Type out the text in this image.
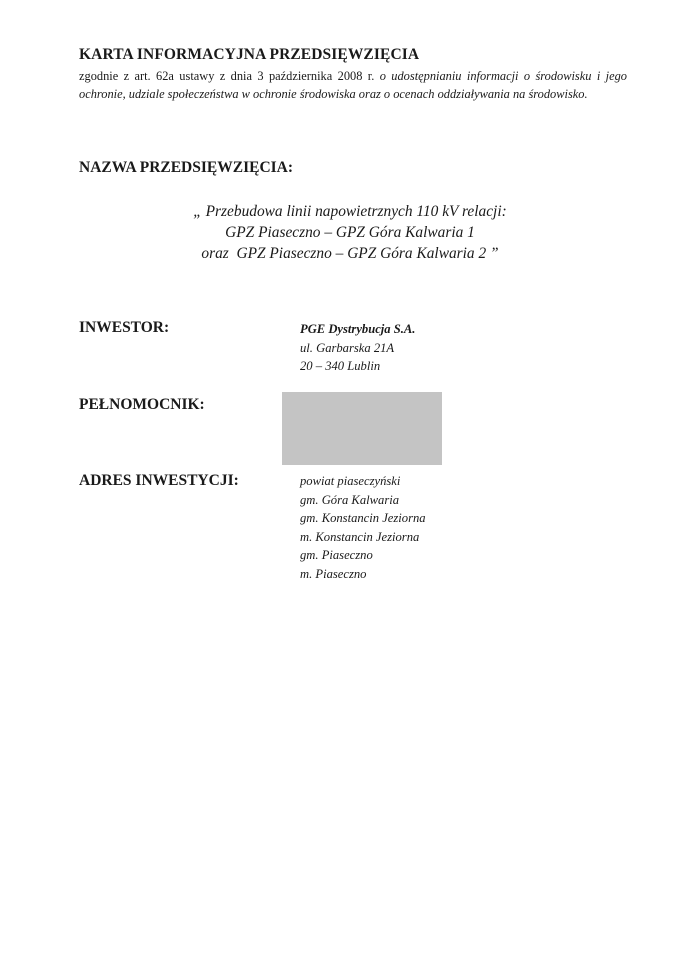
KARTA INFORMACYJNA PRZEDSIĘWZIĘCIA
zgodnie z art. 62a ustawy z dnia 3 października 2008 r. o udostępnianiu informacji o środowisku i jego ochronie, udziale społeczeństwa w ochronie środowiska oraz o ocenach oddziaływania na środowisko.
NAZWA PRZEDSIĘWZIĘCIA:
„ Przebudowa linii napowietrznych 110 kV relacji:
GPZ Piaseczno – GPZ Góra Kalwaria 1
oraz  GPZ Piaseczno – GPZ Góra Kalwaria 2 ”
INWESTOR:	PGE Dystrybucja S.A.
ul. Garbarska 21A
20 – 340 Lublin
PEŁNOMOCNIK:
ADRES INWESTYCJI:	powiat piaseczyński
gm. Góra Kalwaria
gm. Konstancin Jeziorna
m. Konstancin Jeziorna
gm. Piaseczno
m. Piaseczno
